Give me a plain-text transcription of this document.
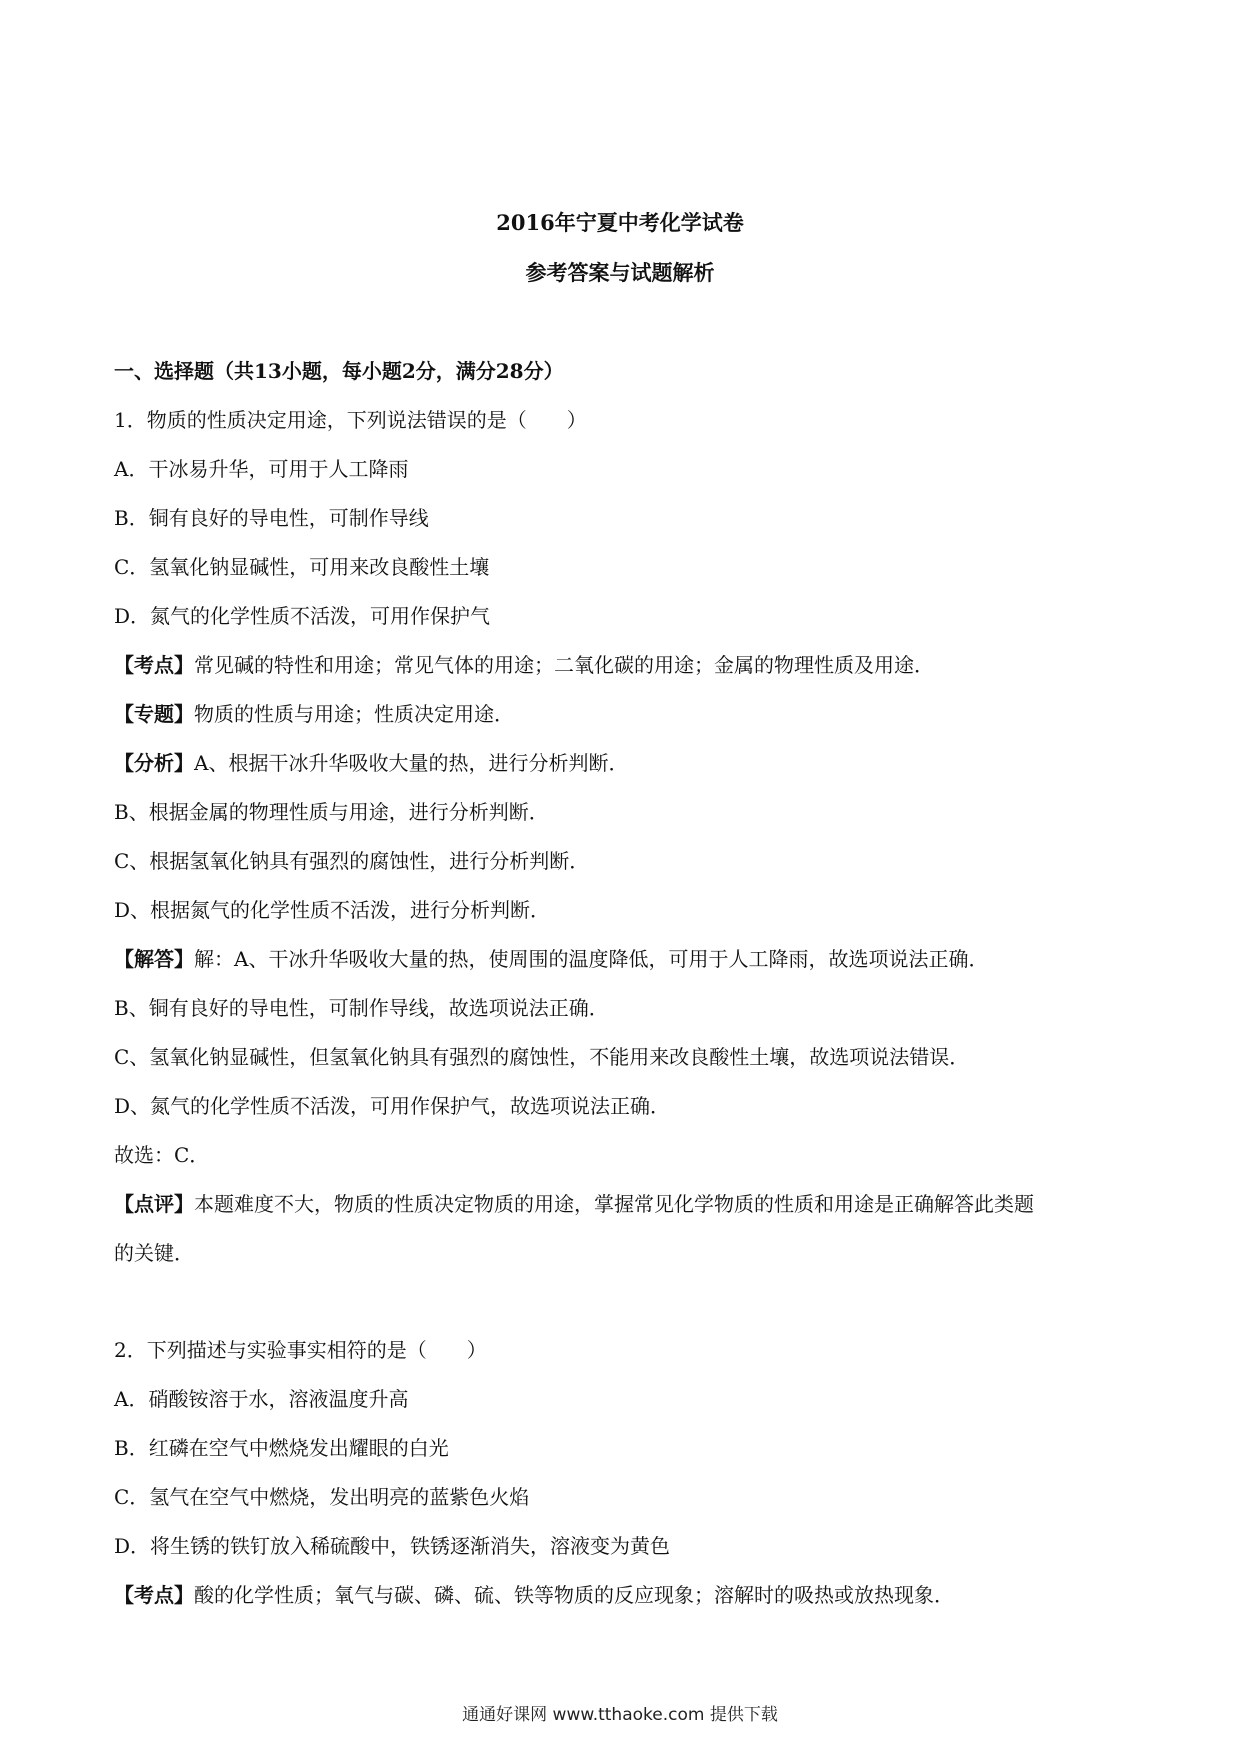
2016年宁夏中考化学试卷
参考答案与试题解析
一、选择题（共13小题，每小题2分，满分28分）
1．物质的性质决定用途，下列说法错误的是（　　）
A．干冰易升华，可用于人工降雨
B．铜有良好的导电性，可制作导线
C．氢氧化钠显碱性，可用来改良酸性土壤
D．氮气的化学性质不活泼，可用作保护气
【考点】常见碱的特性和用途；常见气体的用途；二氧化碳的用途；金属的物理性质及用途．
【专题】物质的性质与用途；性质决定用途．
【分析】A、根据干冰升华吸收大量的热，进行分析判断．
B、根据金属的物理性质与用途，进行分析判断．
C、根据氢氧化钠具有强烈的腐蚀性，进行分析判断．
D、根据氮气的化学性质不活泼，进行分析判断．
【解答】解：A、干冰升华吸收大量的热，使周围的温度降低，可用于人工降雨，故选项说法正确．
B、铜有良好的导电性，可制作导线，故选项说法正确．
C、氢氧化钠显碱性，但氢氧化钠具有强烈的腐蚀性，不能用来改良酸性土壤，故选项说法错误．
D、氮气的化学性质不活泼，可用作保护气，故选项说法正确．
故选：C．
【点评】本题难度不大，物质的性质决定物质的用途，掌握常见化学物质的性质和用途是正确解答此类题
的关键．
2．下列描述与实验事实相符的是（　　）
A．硝酸铵溶于水，溶液温度升高
B．红磷在空气中燃烧发出耀眼的白光
C．氢气在空气中燃烧，发出明亮的蓝紫色火焰
D．将生锈的铁钉放入稀硫酸中，铁锈逐渐消失，溶液变为黄色
【考点】酸的化学性质；氧气与碳、磷、硫、铁等物质的反应现象；溶解时的吸热或放热现象．
通通好课网 www.tthaoke.com 提供下载
